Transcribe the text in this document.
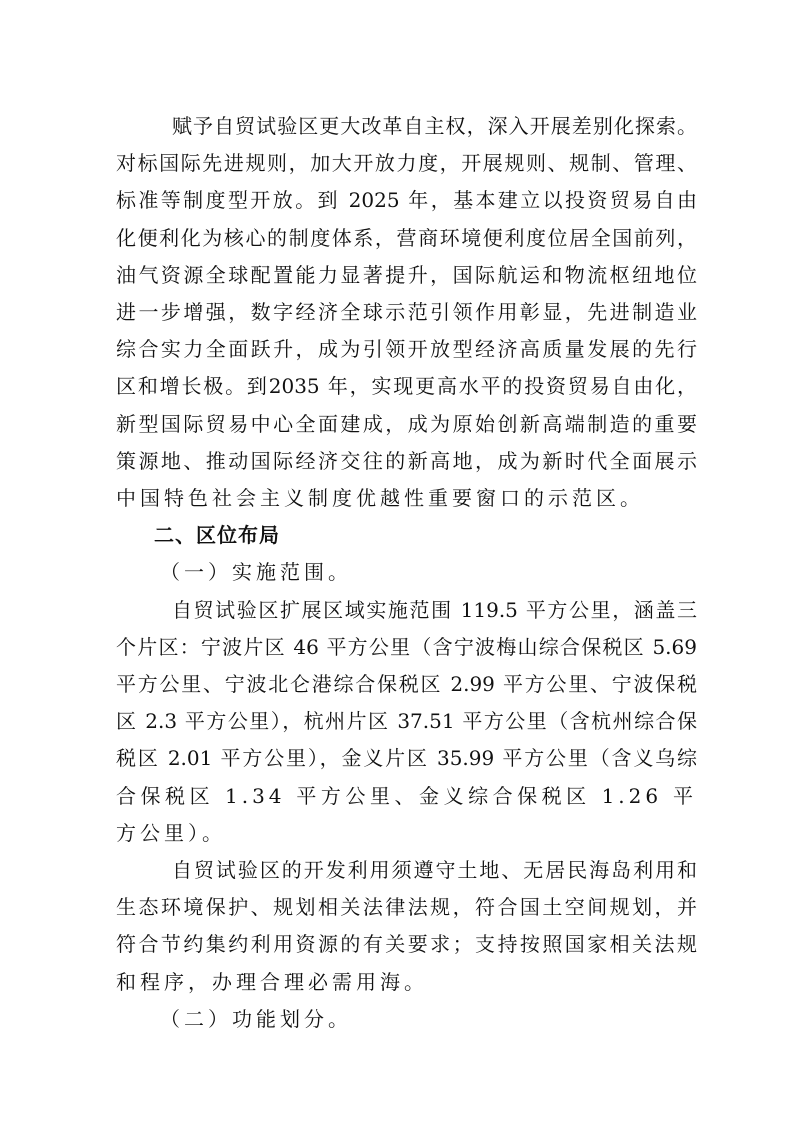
赋予自贸试验区更大改革自主权，深入开展差别化探索。
对标国际先进规则，加大开放力度，开展规则、规制、管理、
标准等制度型开放。到 2025 年，基本建立以投资贸易自由
化便利化为核心的制度体系，营商环境便利度位居全国前列，
油气资源全球配置能力显著提升，国际航运和物流枢纽地位
进一步增强，数字经济全球示范引领作用彰显，先进制造业
综合实力全面跃升，成为引领开放型经济高质量发展的先行
区和增长极。到2035 年，实现更高水平的投资贸易自由化，
新型国际贸易中心全面建成，成为原始创新高端制造的重要
策源地、推动国际经济交往的新高地，成为新时代全面展示
中国特色社会主义制度优越性重要窗口的示范区。
二、区位布局
（一）实施范围。
自贸试验区扩展区域实施范围 119.5 平方公里，涵盖三
个片区：宁波片区 46 平方公里（含宁波梅山综合保税区 5.69
平方公里、宁波北仑港综合保税区 2.99 平方公里、宁波保税
区 2.3 平方公里），杭州片区 37.51 平方公里（含杭州综合保
税区 2.01 平方公里），金义片区 35.99 平方公里（含义乌综
合保税区 1.34 平方公里、金义综合保税区 1.26 平方公里）。
自贸试验区的开发利用须遵守土地、无居民海岛利用和
生态环境保护、规划相关法律法规，符合国土空间规划，并
符合节约集约利用资源的有关要求；支持按照国家相关法规
和程序，办理合理必需用海。
（二）功能划分。
